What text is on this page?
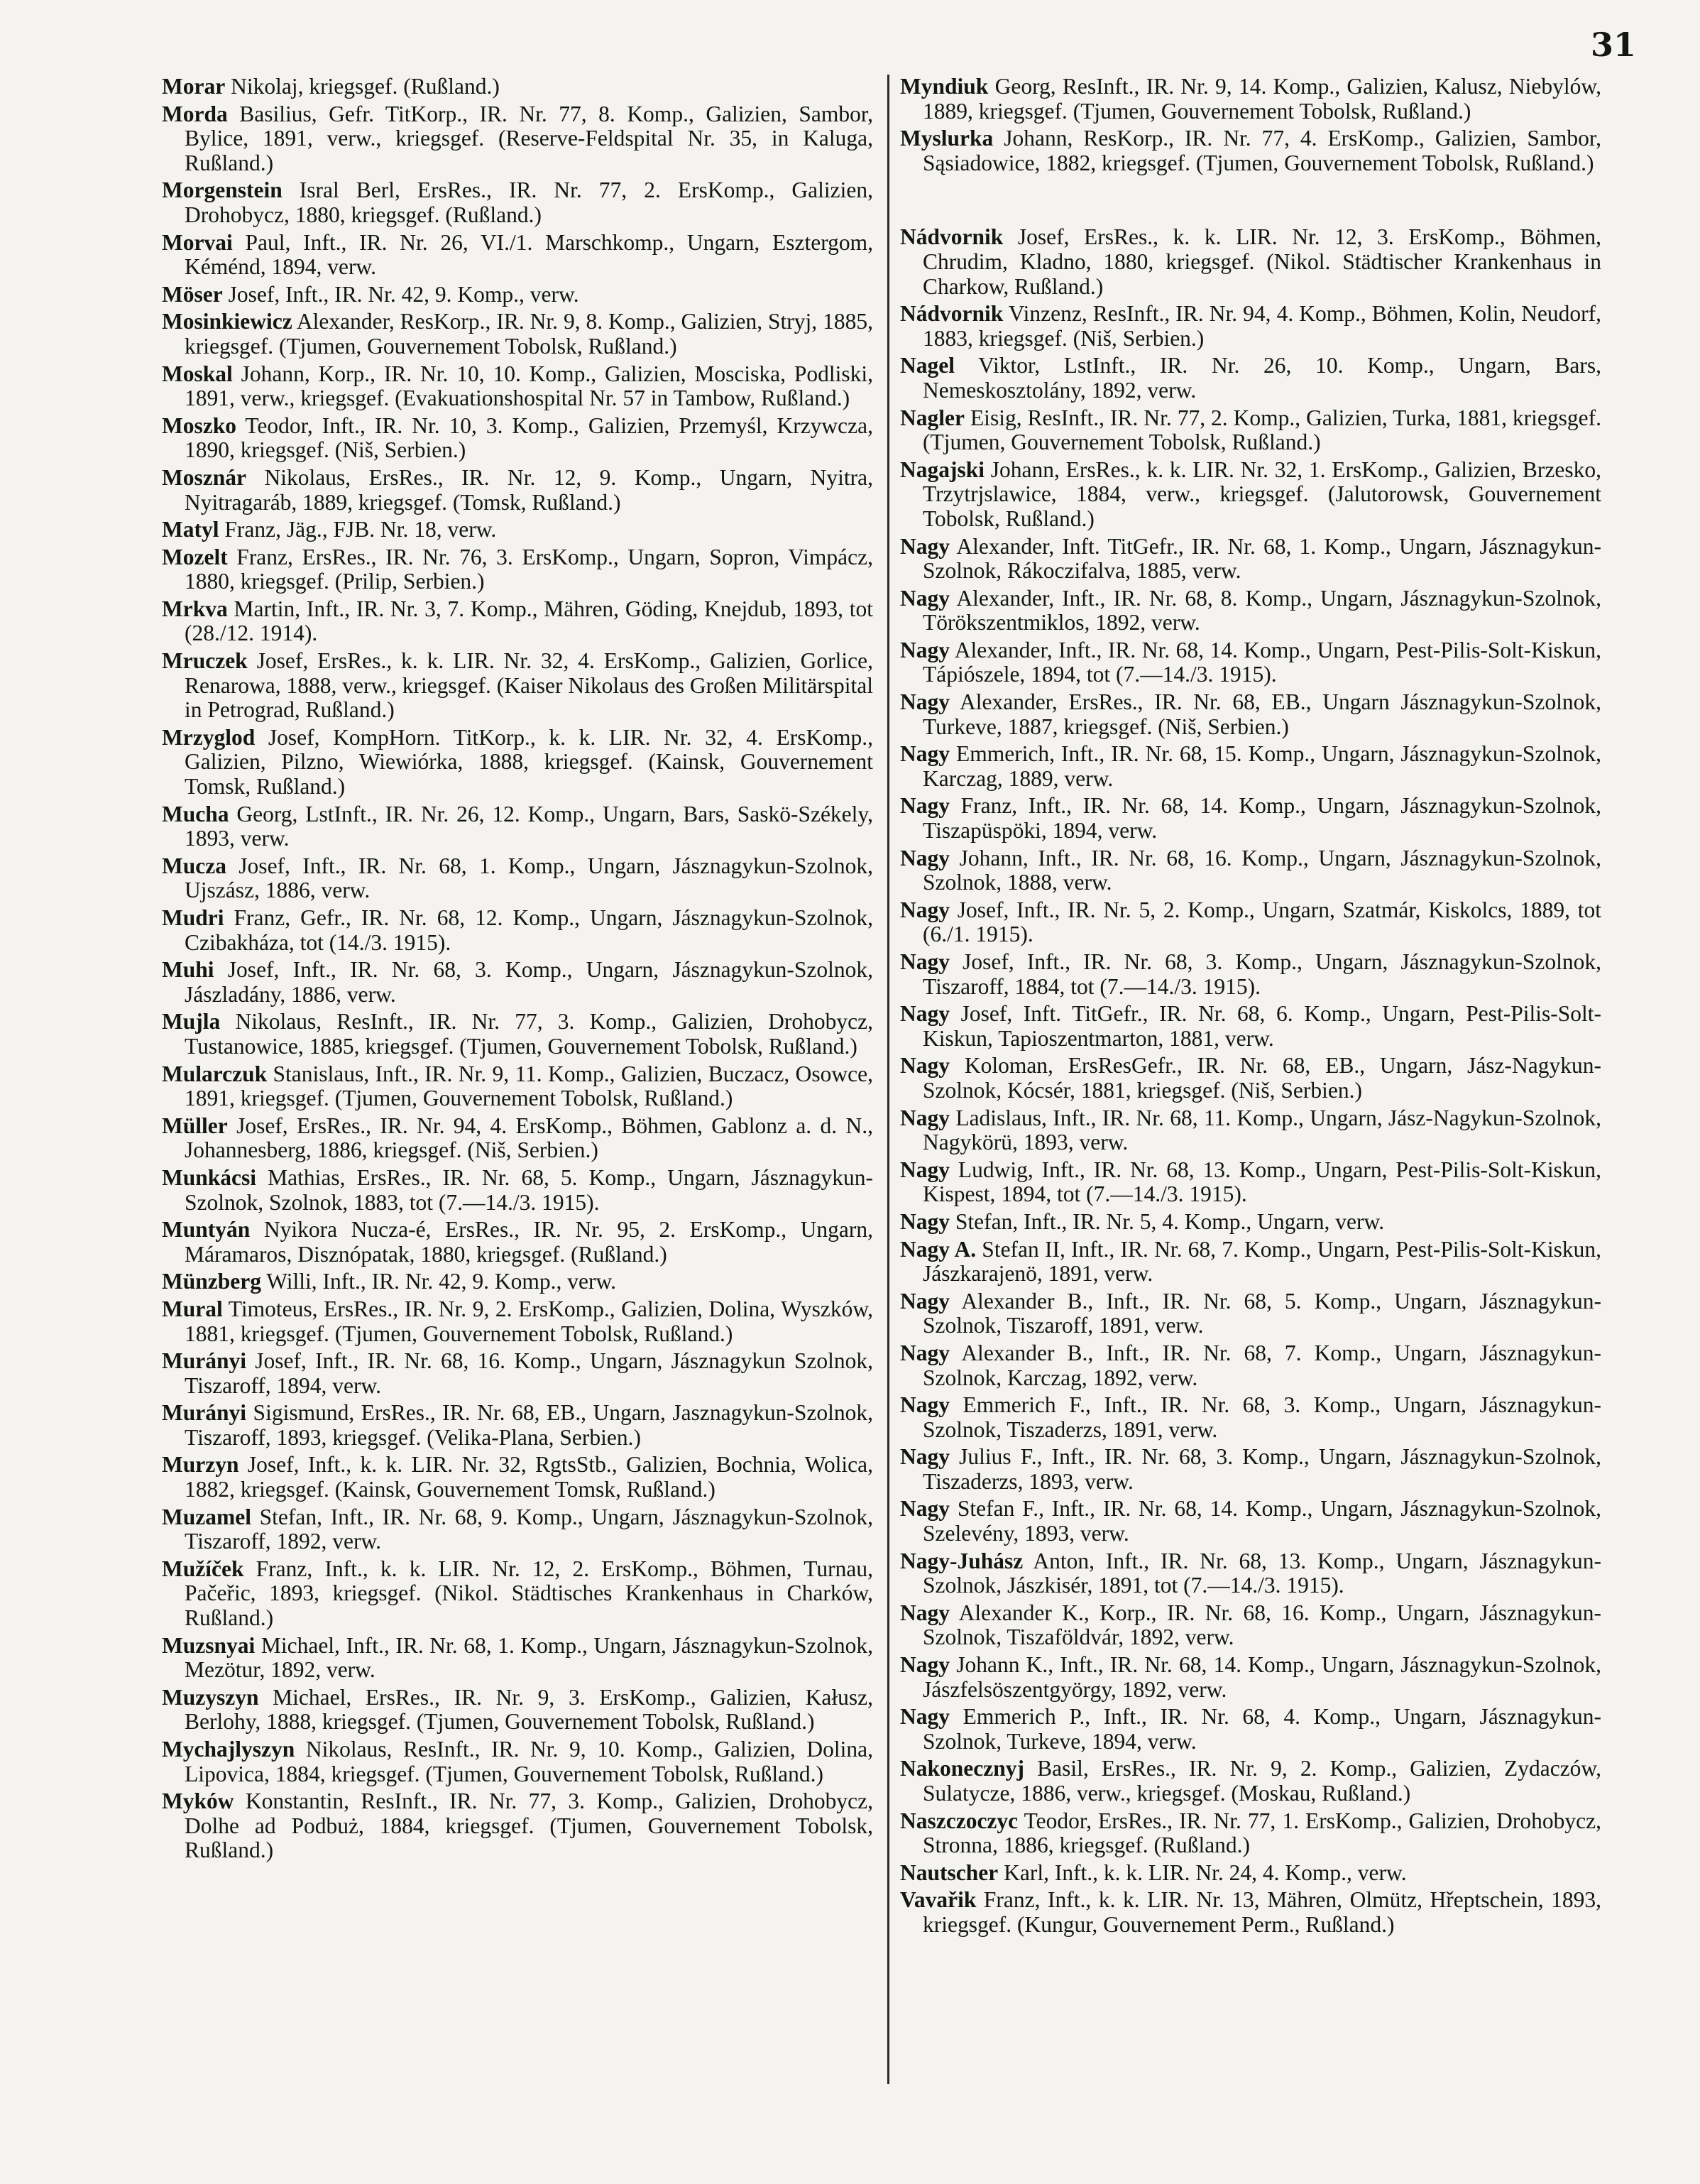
31

Morar Nikolaj, kriegsgef. (Rußland.)

Morda Basilius, Gefr. TitKorp., IR. Nr. 77, 8. Komp., Galizien, Sambor, Bylice, 1891, verw., kriegsgef. (Reserve-Feldspital Nr. 35, in Kaluga, Rußland.)

Morgenstein Isral Berl, ErsRes., IR. Nr. 77, 2. ErsKomp., Galizien, Drohobycz, 1880, kriegsgef. (Rußland.)

Morvai Paul, Inft., IR. Nr. 26, VI./1. Marschkomp., Ungarn, Esztergom, Kéménd, 1894, verw.

Möser Josef, Inft., IR. Nr. 42, 9. Komp., verw.

Mosinkiewicz Alexander, ResKorp., IR. Nr. 9, 8. Komp., Galizien, Stryj, 1885, kriegsgef. (Tjumen, Gouvernement Tobolsk, Rußland.)

Moskal Johann, Korp., IR. Nr. 10, 10. Komp., Galizien, Mosciska, Podliski, 1891, verw., kriegsgef. (Evakuationshospital Nr. 57 in Tambow, Rußland.)

Moszko Teodor, Inft., IR. Nr. 10, 3. Komp., Galizien, Przemyśl, Krzywcza, 1890, kriegsgef. (Niš, Serbien.)

Mosznár Nikolaus, ErsRes., IR. Nr. 12, 9. Komp., Ungarn, Nyitra, Nyitragaráb, 1889, kriegsgef. (Tomsk, Rußland.)

Matyl Franz, Jäg., FJB. Nr. 18, verw.

Mozelt Franz, ErsRes., IR. Nr. 76, 3. ErsKomp., Ungarn, Sopron, Vimpácz, 1880, kriegsgef. (Prilip, Serbien.)

Mrkva Martin, Inft., IR. Nr. 3, 7. Komp., Mähren, Göding, Knejdub, 1893, tot (28./12. 1914).

Mruczek Josef, ErsRes., k. k. LIR. Nr. 32, 4. ErsKomp., Galizien, Gorlice, Renarowa, 1888, verw., kriegsgef. (Kaiser Nikolaus des Großen Militärspital in Petrograd, Rußland.)

Mrzyglod Josef, KompHorn. TitKorp., k. k. LIR. Nr. 32, 4. ErsKomp., Galizien, Pilzno, Wiewiórka, 1888, kriegsgef. (Kainsk, Gouvernement Tomsk, Rußland.)

Mucha Georg, LstInft., IR. Nr. 26, 12. Komp., Ungarn, Bars, Saskö-Székely, 1893, verw.

Mucza Josef, Inft., IR. Nr. 68, 1. Komp., Ungarn, Jásznagykun-Szolnok, Ujszász, 1886, verw.

Mudri Franz, Gefr., IR. Nr. 68, 12. Komp., Ungarn, Jásznagykun-Szolnok, Czibakháza, tot (14./3. 1915).

Muhi Josef, Inft., IR. Nr. 68, 3. Komp., Ungarn, Jásznagykun-Szolnok, Jászladány, 1886, verw.

Mujla Nikolaus, ResInft., IR. Nr. 77, 3. Komp., Galizien, Drohobycz, Tustanowice, 1885, kriegsgef. (Tjumen, Gouvernement Tobolsk, Rußland.)

Mularczuk Stanislaus, Inft., IR. Nr. 9, 11. Komp., Galizien, Buczacz, Osowce, 1891, kriegsgef. (Tjumen, Gouvernement Tobolsk, Rußland.)

Müller Josef, ErsRes., IR. Nr. 94, 4. ErsKomp., Böhmen, Gablonz a. d. N., Johannesberg, 1886, kriegsgef. (Niš, Serbien.)

Munkácsi Mathias, ErsRes., IR. Nr. 68, 5. Komp., Ungarn, Jásznagykun-Szolnok, Szolnok, 1883, tot (7.—14./3. 1915).

Muntyán Nyikora Nucza-é, ErsRes., IR. Nr. 95, 2. ErsKomp., Ungarn, Máramaros, Disznópatak, 1880, kriegsgef. (Rußland.)

Münzberg Willi, Inft., IR. Nr. 42, 9. Komp., verw.

Mural Timoteus, ErsRes., IR. Nr. 9, 2. ErsKomp., Galizien, Dolina, Wyszków, 1881, kriegsgef. (Tjumen, Gouvernement Tobolsk, Rußland.)

Murányi Josef, Inft., IR. Nr. 68, 16. Komp., Ungarn, Jásznagykun Szolnok, Tiszaroff, 1894, verw.

Murányi Sigismund, ErsRes., IR. Nr. 68, EB., Ungarn, Jasznagykun-Szolnok, Tiszaroff, 1893, kriegsgef. (Velika-Plana, Serbien.)

Murzyn Josef, Inft., k. k. LIR. Nr. 32, RgtsStb., Galizien, Bochnia, Wolica, 1882, kriegsgef. (Kainsk, Gouvernement Tomsk, Rußland.)

Muzamel Stefan, Inft., IR. Nr. 68, 9. Komp., Ungarn, Jásznagykun-Szolnok, Tiszaroff, 1892, verw.

Mužíček Franz, Inft., k. k. LIR. Nr. 12, 2. ErsKomp., Böhmen, Turnau, Pačeřic, 1893, kriegsgef. (Nikol. Städtisches Krankenhaus in Charków, Rußland.)

Muzsnyai Michael, Inft., IR. Nr. 68, 1. Komp., Ungarn, Jásznagykun-Szolnok, Mezötur, 1892, verw.

Muzyszyn Michael, ErsRes., IR. Nr. 9, 3. ErsKomp., Galizien, Kałusz, Berlohy, 1888, kriegsgef. (Tjumen, Gouvernement Tobolsk, Rußland.)

Mychajlyszyn Nikolaus, ResInft., IR. Nr. 9, 10. Komp., Galizien, Dolina, Lipovica, 1884, kriegsgef. (Tjumen, Gouvernement Tobolsk, Rußland.)

Myków Konstantin, ResInft., IR. Nr. 77, 3. Komp., Galizien, Drohobycz, Dolhe ad Podbuż, 1884, kriegsgef. (Tjumen, Gouvernement Tobolsk, Rußland.)

Myndiuk Georg, ResInft., IR. Nr. 9, 14. Komp., Galizien, Kalusz, Niebylów, 1889, kriegsgef. (Tjumen, Gouvernement Tobolsk, Rußland.)

Myslurka Johann, ResKorp., IR. Nr. 77, 4. ErsKomp., Galizien, Sambor, Sąsiadowice, 1882, kriegsgef. (Tjumen, Gouvernement Tobolsk, Rußland.)

Nádvornik Josef, ErsRes., k. k. LIR. Nr. 12, 3. ErsKomp., Böhmen, Chrudim, Kladno, 1880, kriegsgef. (Nikol. Städtischer Krankenhaus in Charkow, Rußland.)

Nádvornik Vinzenz, ResInft., IR. Nr. 94, 4. Komp., Böhmen, Kolin, Neudorf, 1883, kriegsgef. (Niš, Serbien.)

Nagel Viktor, LstInft., IR. Nr. 26, 10. Komp., Ungarn, Bars, Nemeskosztolány, 1892, verw.

Nagler Eisig, ResInft., IR. Nr. 77, 2. Komp., Galizien, Turka, 1881, kriegsgef. (Tjumen, Gouvernement Tobolsk, Rußland.)

Nagajski Johann, ErsRes., k. k. LIR. Nr. 32, 1. ErsKomp., Galizien, Brzesko, Trzytrjslawice, 1884, verw., kriegsgef. (Jalutorowsk, Gouvernement Tobolsk, Rußland.)

Nagy Alexander, Inft. TitGefr., IR. Nr. 68, 1. Komp., Ungarn, Jásznagykun-Szolnok, Rákoczifalva, 1885, verw.

Nagy Alexander, Inft., IR. Nr. 68, 8. Komp., Ungarn, Jásznagykun-Szolnok, Törökszentmiklos, 1892, verw.

Nagy Alexander, Inft., IR. Nr. 68, 14. Komp., Ungarn, Pest-Pilis-Solt-Kiskun, Tápiószele, 1894, tot (7.—14./3. 1915).

Nagy Alexander, ErsRes., IR. Nr. 68, EB., Ungarn Jásznagykun-Szolnok, Turkeve, 1887, kriegsgef. (Niš, Serbien.)

Nagy Emmerich, Inft., IR. Nr. 68, 15. Komp., Ungarn, Jásznagykun-Szolnok, Karczag, 1889, verw.

Nagy Franz, Inft., IR. Nr. 68, 14. Komp., Ungarn, Jásznagykun-Szolnok, Tiszapüspöki, 1894, verw.

Nagy Johann, Inft., IR. Nr. 68, 16. Komp., Ungarn, Jásznagykun-Szolnok, Szolnok, 1888, verw.

Nagy Josef, Inft., IR. Nr. 5, 2. Komp., Ungarn, Szatmár, Kiskolcs, 1889, tot (6./1. 1915).

Nagy Josef, Inft., IR. Nr. 68, 3. Komp., Ungarn, Jásznagykun-Szolnok, Tiszaroff, 1884, tot (7.—14./3. 1915).

Nagy Josef, Inft. TitGefr., IR. Nr. 68, 6. Komp., Ungarn, Pest-Pilis-Solt-Kiskun, Tapioszentmarton, 1881, verw.

Nagy Koloman, ErsResGefr., IR. Nr. 68, EB., Ungarn, Jász-Nagykun-Szolnok, Kócsér, 1881, kriegsgef. (Niš, Serbien.)

Nagy Ladislaus, Inft., IR. Nr. 68, 11. Komp., Ungarn, Jász-Nagykun-Szolnok, Nagykörü, 1893, verw.

Nagy Ludwig, Inft., IR. Nr. 68, 13. Komp., Ungarn, Pest-Pilis-Solt-Kiskun, Kispest, 1894, tot (7.—14./3. 1915).

Nagy Stefan, Inft., IR. Nr. 5, 4. Komp., Ungarn, verw.

Nagy A. Stefan II, Inft., IR. Nr. 68, 7. Komp., Ungarn, Pest-Pilis-Solt-Kiskun, Jászkarajenö, 1891, verw.

Nagy Alexander B., Inft., IR. Nr. 68, 5. Komp., Ungarn, Jásznagykun-Szolnok, Tiszaroff, 1891, verw.

Nagy Alexander B., Inft., IR. Nr. 68, 7. Komp., Ungarn, Jásznagykun-Szolnok, Karczag, 1892, verw.

Nagy Emmerich F., Inft., IR. Nr. 68, 3. Komp., Ungarn, Jásznagykun-Szolnok, Tiszaderzs, 1891, verw.

Nagy Julius F., Inft., IR. Nr. 68, 3. Komp., Ungarn, Jásznagykun-Szolnok, Tiszaderzs, 1893, verw.

Nagy Stefan F., Inft., IR. Nr. 68, 14. Komp., Ungarn, Jásznagykun-Szolnok, Szelevény, 1893, verw.

Nagy-Juhász Anton, Inft., IR. Nr. 68, 13. Komp., Ungarn, Jásznagykun-Szolnok, Jászkisér, 1891, tot (7.—14./3. 1915).

Nagy Alexander K., Korp., IR. Nr. 68, 16. Komp., Ungarn, Jásznagykun-Szolnok, Tiszaföldvár, 1892, verw.

Nagy Johann K., Inft., IR. Nr. 68, 14. Komp., Ungarn, Jásznagykun-Szolnok, Jászfelsöszentgyörgy, 1892, verw.

Nagy Emmerich P., Inft., IR. Nr. 68, 4. Komp., Ungarn, Jásznagykun-Szolnok, Turkeve, 1894, verw.

Nakonecznyj Basil, ErsRes., IR. Nr. 9, 2. Komp., Galizien, Zydaczów, Sulatycze, 1886, verw., kriegsgef. (Moskau, Rußland.)

Naszczoczyc Teodor, ErsRes., IR. Nr. 77, 1. ErsKomp., Galizien, Drohobycz, Stronna, 1886, kriegsgef. (Rußland.)

Nautscher Karl, Inft., k. k. LIR. Nr. 24, 4. Komp., verw.

Vavařik Franz, Inft., k. k. LIR. Nr. 13, Mähren, Olmütz, Hřeptschein, 1893, kriegsgef. (Kungur, Gouvernement Perm., Rußland.)
